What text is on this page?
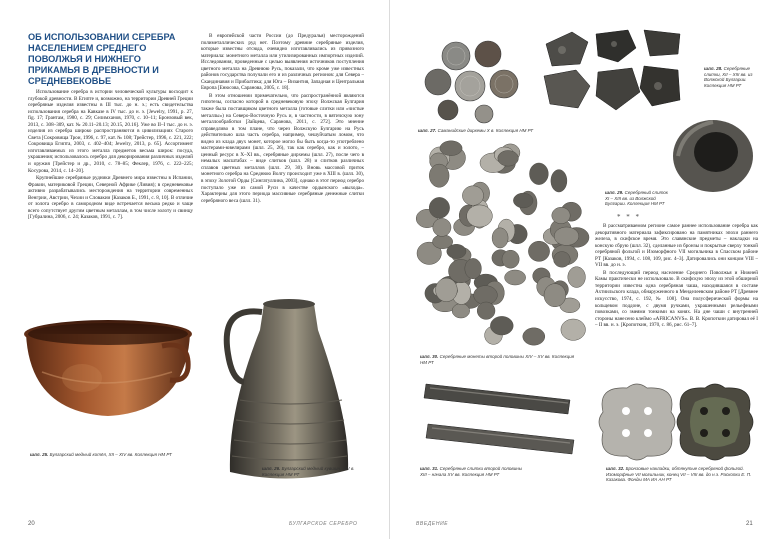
ОБ ИСПОЛЬЗОВАНИИ СЕРЕБРА НАСЕЛЕНИЕМ СРЕДНЕГО ПОВОЛЖЬЯ И НИЖНЕГО ПРИКАМЬЯ В ДРЕВНОСТИ И СРЕДНЕВЕКОВЬЕ

Использование серебра в истории человеческой культуры восходит к глубокой древности. В Египте и, возможно, на территории Древней Греции серебряные изделия известны в III тыс. до н. э.; есть свидетельства использования серебра на Кавказе в IV тыс. до н. э. [Jewelry, 1991, p. 27, fig. 17; Грантам, 1980, с. 29; Селимханов, 1970, с. 10–11; Бронзовый век, 2013, с. 308–309, кат. № 20.11–20.13; 20.15, 20.16]. Уже во II–I тыс. до н. э. изделия из серебра широко распространяются в цивилизациях Старого Света [Сокровища Трои, 1996, с. 97, кат. № 108; Трейстер, 1996, с. 221, 222; Сокровища Египта, 2003, с. 402–404; Jewelry, 2013, p. 65]. Ассортимент изготавливаемых из этого металла предметов весьма широк: посуда, украшения; использовалось серебро для декорирования различных изделий и оружия [Трейстер и др., 2010, с. 78–85; Феклер, 1976, с. 222–225; Косурова, 2014, с. 14–20].

Крупнейшие серебряные рудники Древнего мира известны в Испании, Фракии, материковой Греции, Северной Африке (Ливия); в средневековье активно разрабатывались месторождения на территории современных Венгрии, Австрии, Чехии и Словакии [Казаков Б., 1991, с. 8, 10]. В отличие от золота серебро в самородном виде встречается весьма редко и чаще всего сопутствует другим цветным металлам, в том числе золоту и свинцу [Губралина, 2006, с. 24; Казаков, 1991, с. 7].

В европейской части России (до Предуралья) месторождений полиметаллических руд нет. Поэтому древние серебряные изделия, которые известны отсюда, очевидно изготавливались из привозного материала: монетного металла или утилизированных импортных изделий. Исследования, проведенные с целью выявления источников поступления цветного металла на Древнюю Русь, показали, что кроме уже известных районов государства получали его и из различных регионов: для Севера – Скандинавия и Прибалтика; для Юга – Византия, Западная и Центральная Европа [Енюсова, Саранова, 2005, с. 18].

В этом отношении примечательно, что распространённой являются гипотезы, согласно которой в средневековую эпоху Волжская Булгария также была поставщиком цветного металла (готовые слитки или «чистые металлы») на Северо-Восточную Русь и, в частности, в вятичскую зону металлообработки [Зайцева, Саранова, 2011, с. 272]. Это мнение справедливо в том плане, что через Волжскую Булгарию на Русь действительно шла часть серебра, например, чешуйчатым ломом, что видно из клада двух монет, которое могло бы быть когда-то употреблено мастерами-ювелирами (шлл. 25, 26), так как серебро, как и золото, – ценный ресурс в Х–ХI вв., серебряные дирхемы (шлл. 27), после чего в немалых масштабах – виде слитков (шлл. 28) и слитков различных сплавов цветных металлов (шлл. 29, 30). Вновь массовой приток монетного серебра на Среднюю Волгу происходит уже в XIII в. (шлл. 30), в эпоху Золотой Орды [Сингатуллина, 2003], однако в этот период серебро поступало уже из самой Руси в качестве ордынского «выхода». Характерны для этого периода массивные серебряные денежные слитки серебряного веса (шлл. 31).

шлл. 25. Булгарский медный котёл, XII – XIV вв. Коллекция НМ РТ
шлл. 26. Булгарский медный кувшин, XIV в. Коллекция НМ РТ
20	БУЛГАРСКОЕ СЕРЕБРО
шлл. 28. Серебряные слитки, XII – XIII вв. из Волжской Булгарии. Коллекция НМ РТ
шлл. 27. Саманидские дирхемы X в. Коллекция НМ РТ
шлл. 30. Серебряные монеты второй половины XIV – XV вв. Коллекция НМ РТ
шлл. 29. Серебряный слиток XI – XIII вв. из Волжской Булгарии. Коллекция НМ РТ
* * *

В рассматриваемом регионе самое раннее использование серебра как декоративного материала зафиксировано на памятниках эпохи раннего железа, в скифское время. Это славянские предметы – накладки на конскую сбрую (шлл. 32), сделанные из бронзы и покрытые сверху тонкой серебряной фольгой и Изоморфного VII могильника в Спасском районе РТ [Казаков, 1994, с. 108, 109, рис. 4–3]. Датировались они концом VIII – VII вв. до н. э.

В последующий период население Среднего Поволжья и Нижней Камы практически не использовало. В скифскую эпоху из этой обширной территории известна одна серебряная чаша, находившаяся в составе Ахтиильского клада, обнаруженного в Менделеевском районе РТ [Древнее искусство, 1974, с. 192, № 108]. Она полусферической формы на кольцевом поддоне, с двумя ручками, украшенными рельефными повозками, со змеями тонкими на конях. На дне чаши с внутренней стороны нанесено клеймо «AFRICANVS». В. В. Кропоткин датировал её I – II вв. н. э. [Кропоткин, 1970, с. 86, рис. 61–7].

шлл. 31. Серебряные слитки второй половины XIII – начала XV вв. Коллекция НМ РТ
шлл. 32. Бронзовые накладки, обтянутые серебряной фольгой. Изоморфные VII могильник, конец VII – VIII вв. до н.э. Раскопки Е. П. Казакова. Фонды МА ИА АН РТ
ВВЕДЕНИЕ	21
